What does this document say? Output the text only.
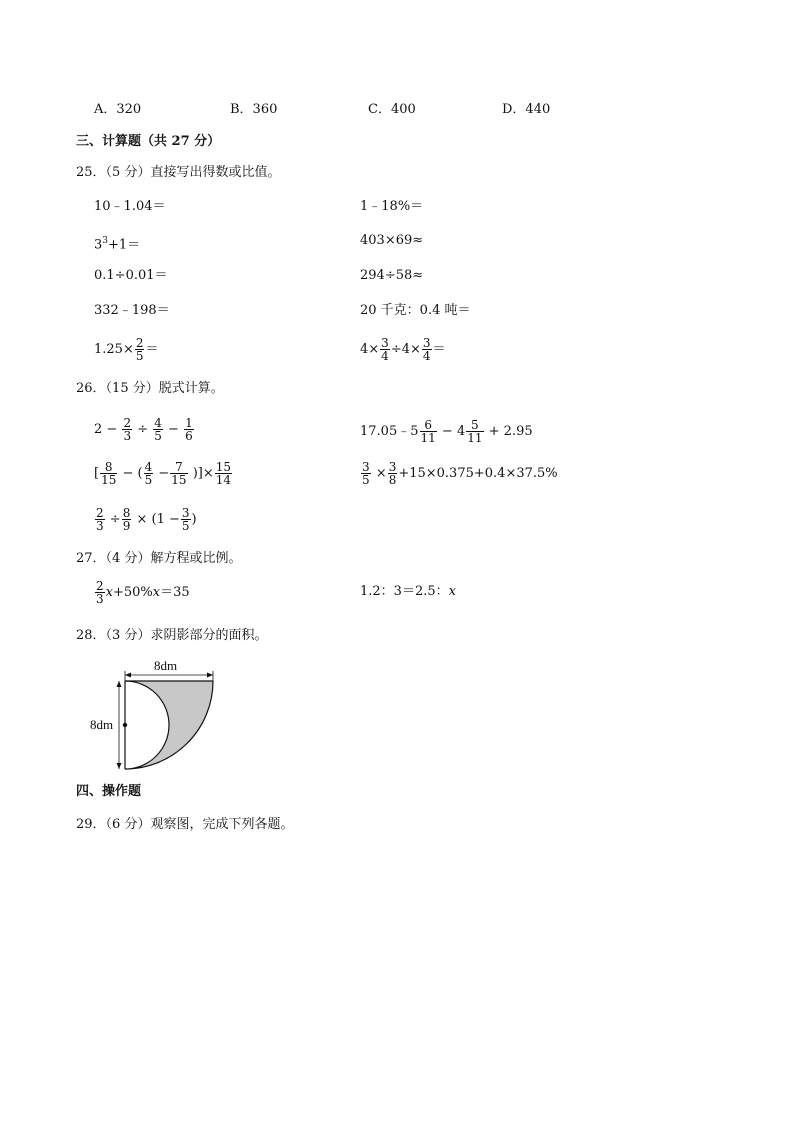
A．320	B．360	C．400	D．440
三、计算题（共 27 分）
25．（5 分）直接写出得数或比值。
10﹣1.04＝	1﹣18%＝
$3^3+1=$	403×69≈
0.1÷0.01＝	294÷58≈
332﹣198＝	20 千克：0.4 吨＝
$1.25\times \frac{2}{5}$ ＝	$4\times \frac{3}{4} \div 4\times \frac{3}{4}$ ＝
26．（15 分）脱式计算。
$2 - \frac{2}{3} \div \frac{4}{5} - \frac{1}{6}$	17.05﹣5 $\frac{6}{11} - 4 \frac{5}{11} + 2.95$
[ $\frac{8}{15}$ − ( $\frac{4}{5} - \frac{7}{15}$ )]× $\frac{15}{14}$	$\frac{3}{5} \times \frac{3}{8} +15\times 0.375+0.4\times 37.5\%$
$\frac{2}{3} \div \frac{8}{9} \times (1 - \frac{3}{5}$ )
27．（4 分）解方程或比例。
$\frac{2}{3} x+50\%x=35$	1.2：3＝2.5：x
28．（3 分）求阴影部分的面积。
8dm
8dm
四、操作题
29．（6 分）观察图，完成下列各题。
